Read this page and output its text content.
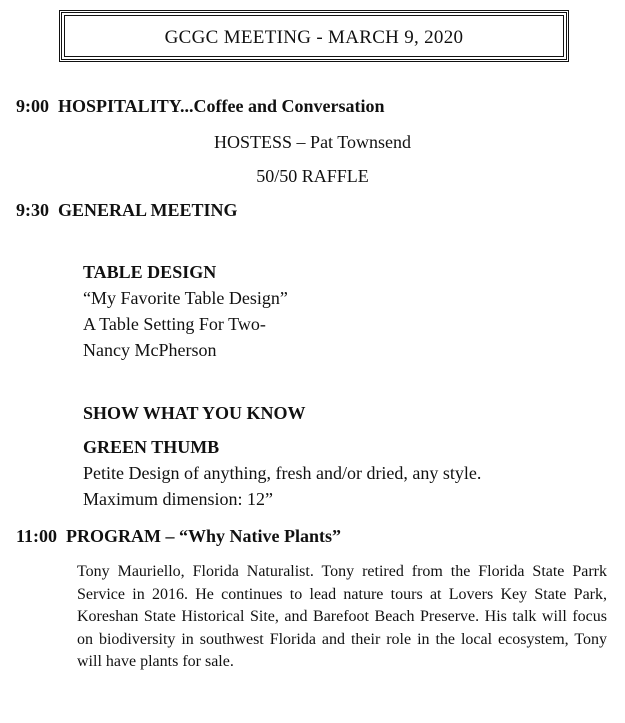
GCGC MEETING - MARCH 9, 2020
9:00 HOSPITALITY...Coffee and Conversation
HOSTESS – Pat Townsend
50/50 RAFFLE
9:30 GENERAL MEETING
TABLE DESIGN
“My Favorite Table Design”
A Table Setting For Two-
Nancy McPherson
SHOW WHAT YOU KNOW
GREEN THUMB
Petite Design of anything, fresh and/or dried, any style.
Maximum dimension: 12”
11:00 PROGRAM – “Why Native Plants”
Tony Mauriello, Florida Naturalist. Tony retired from the Florida State Parrk Service in 2016. He continues to lead nature tours at Lovers Key State Park, Koreshan State Historical Site, and Barefoot Beach Preserve. His talk will focus on biodiversity in southwest Florida and their role in the local ecosystem, Tony will have plants for sale.
